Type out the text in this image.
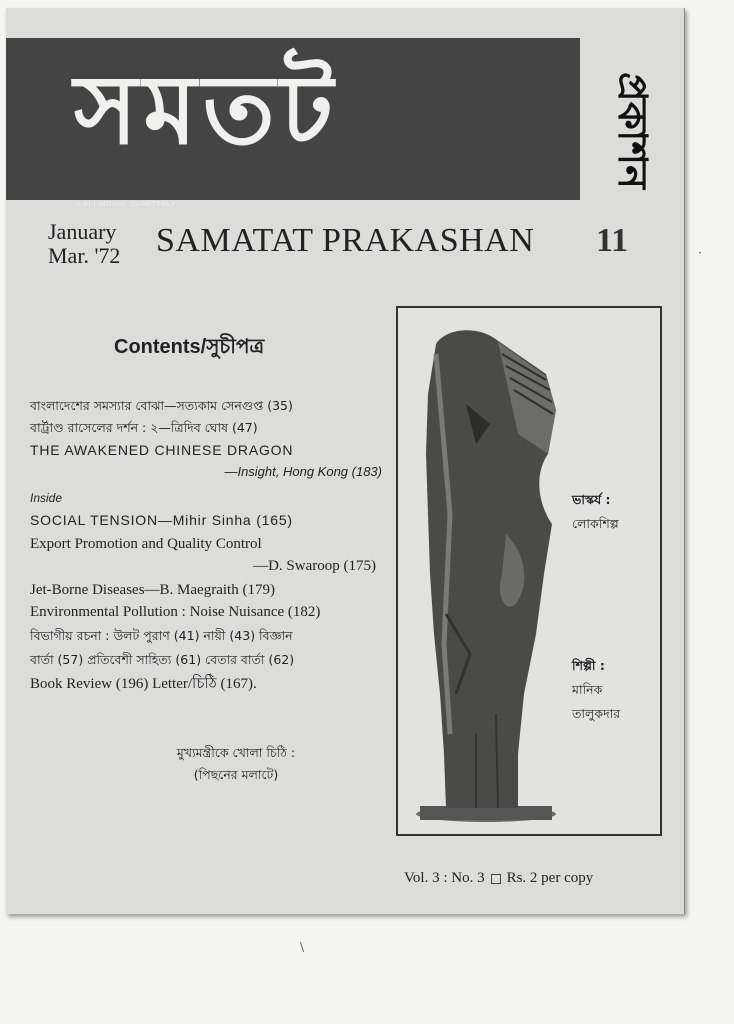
সমতট
A BI-LINGUAL QUARTERLY
প্রকাশন
January
Mar. '72 SAMATAT PRAKASHAN 11
Contents/সুচীপত্র
বাংলাদেশের সমস্যার বোঝা—সত্যকাম সেনগুপ্ত (35)
বার্ট্রাণ্ড রাসেলের দর্শন : ২—ত্রিদিব ঘোষ (47)
THE AWAKENED CHINESE DRAGON
—Insight, Hong Kong (183)
Inside
SOCIAL TENSION—Mihir Sinha (165)
Export Promotion and Quality Control
—D. Swaroop (175)
Jet-Borne Diseases—B. Maegraith (179)
Environmental Pollution : Noise Nuisance (182)
বিভাগীয় রচনা : উলট পুরাণ (41) নায়ী (43) বিজ্ঞান
বার্তা (57) প্রতিবেশী সাহিত্য (61) বেতার বার্তা (62)
Book Review (196) Letter/চিঠি (167).
মুখ্যমন্ত্রীকে খোলা চিঠি :
(পিছনের মলাটে)
ভাস্কর্য :
লোকশিল্প
শিল্পী :
মানিক
তালুকদার
Vol. 3 : No. 3 Rs. 2 per copy
·
\
